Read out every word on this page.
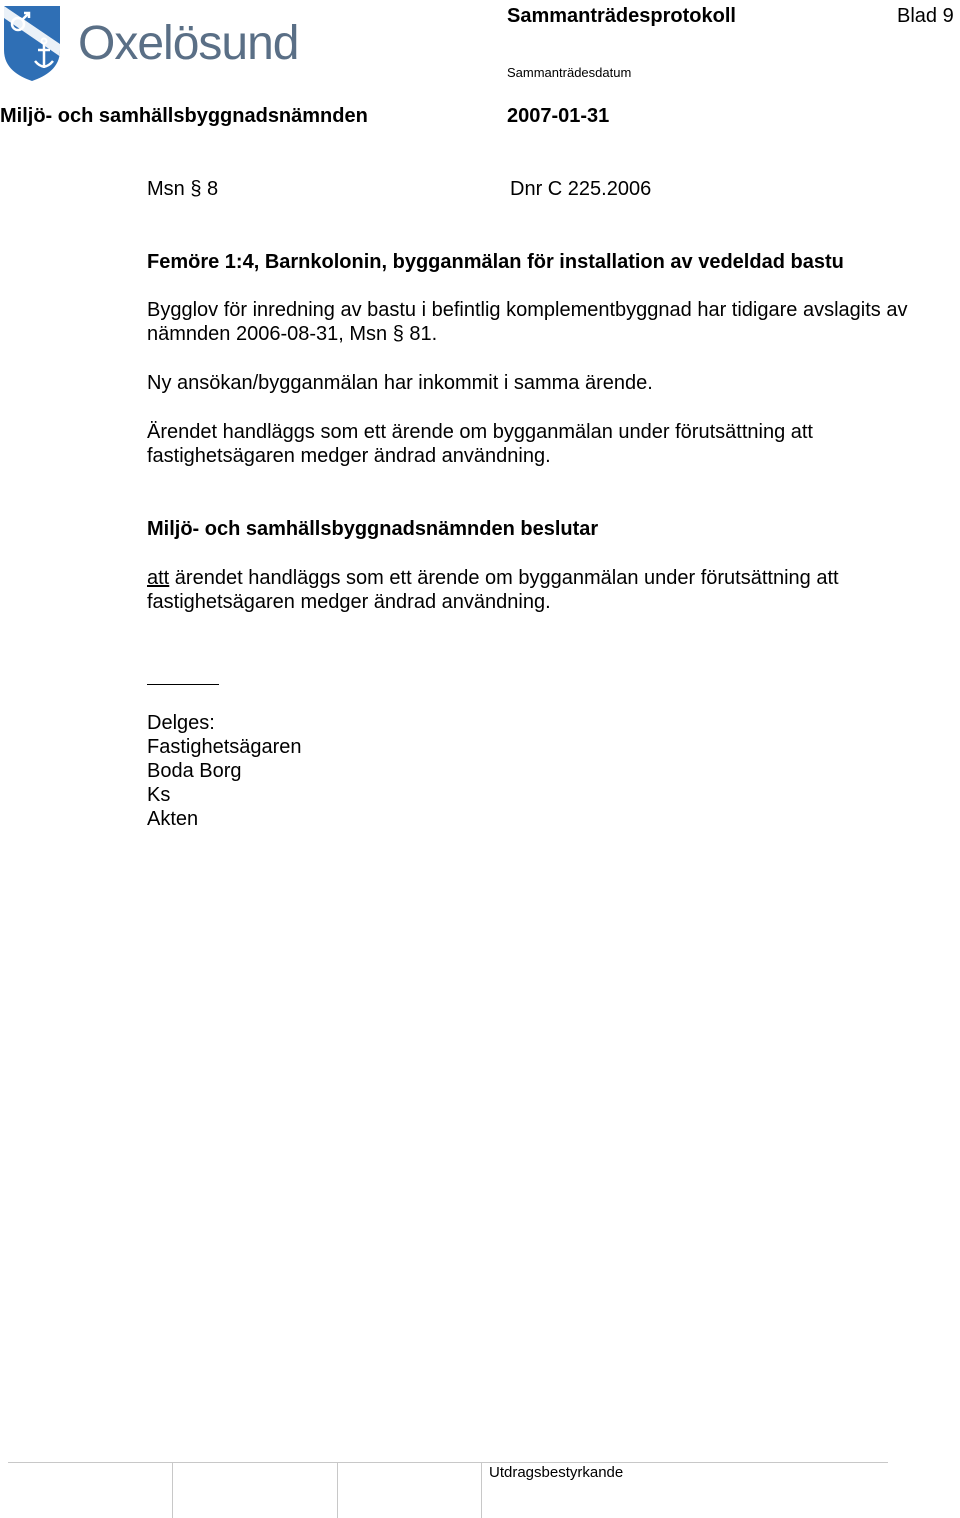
Oxelösund
Sammanträdesprotokoll	Blad 9
Sammanträdesdatum
Miljö- och samhällsbyggnadsnämnden	2007-01-31
Msn § 8	Dnr C 225.2006
Femöre 1:4, Barnkolonin, bygganmälan för installation av vedeldad bastu

Bygglov för inredning av bastu i befintlig komplementbyggnad har tidigare avslagits av nämnden 2006-08-31, Msn § 81.

Ny ansökan/bygganmälan har inkommit i samma ärende.

Ärendet handläggs som ett ärende om bygganmälan under förutsättning att fastighetsägaren medger ändrad användning.

Miljö- och samhällsbyggnadsnämnden beslutar

att ärendet handläggs som ett ärende om bygganmälan under förutsättning att fastighetsägaren medger ändrad användning.

Delges:
Fastighetsägaren
Boda Borg
Ks
Akten
Utdragsbestyrkande
